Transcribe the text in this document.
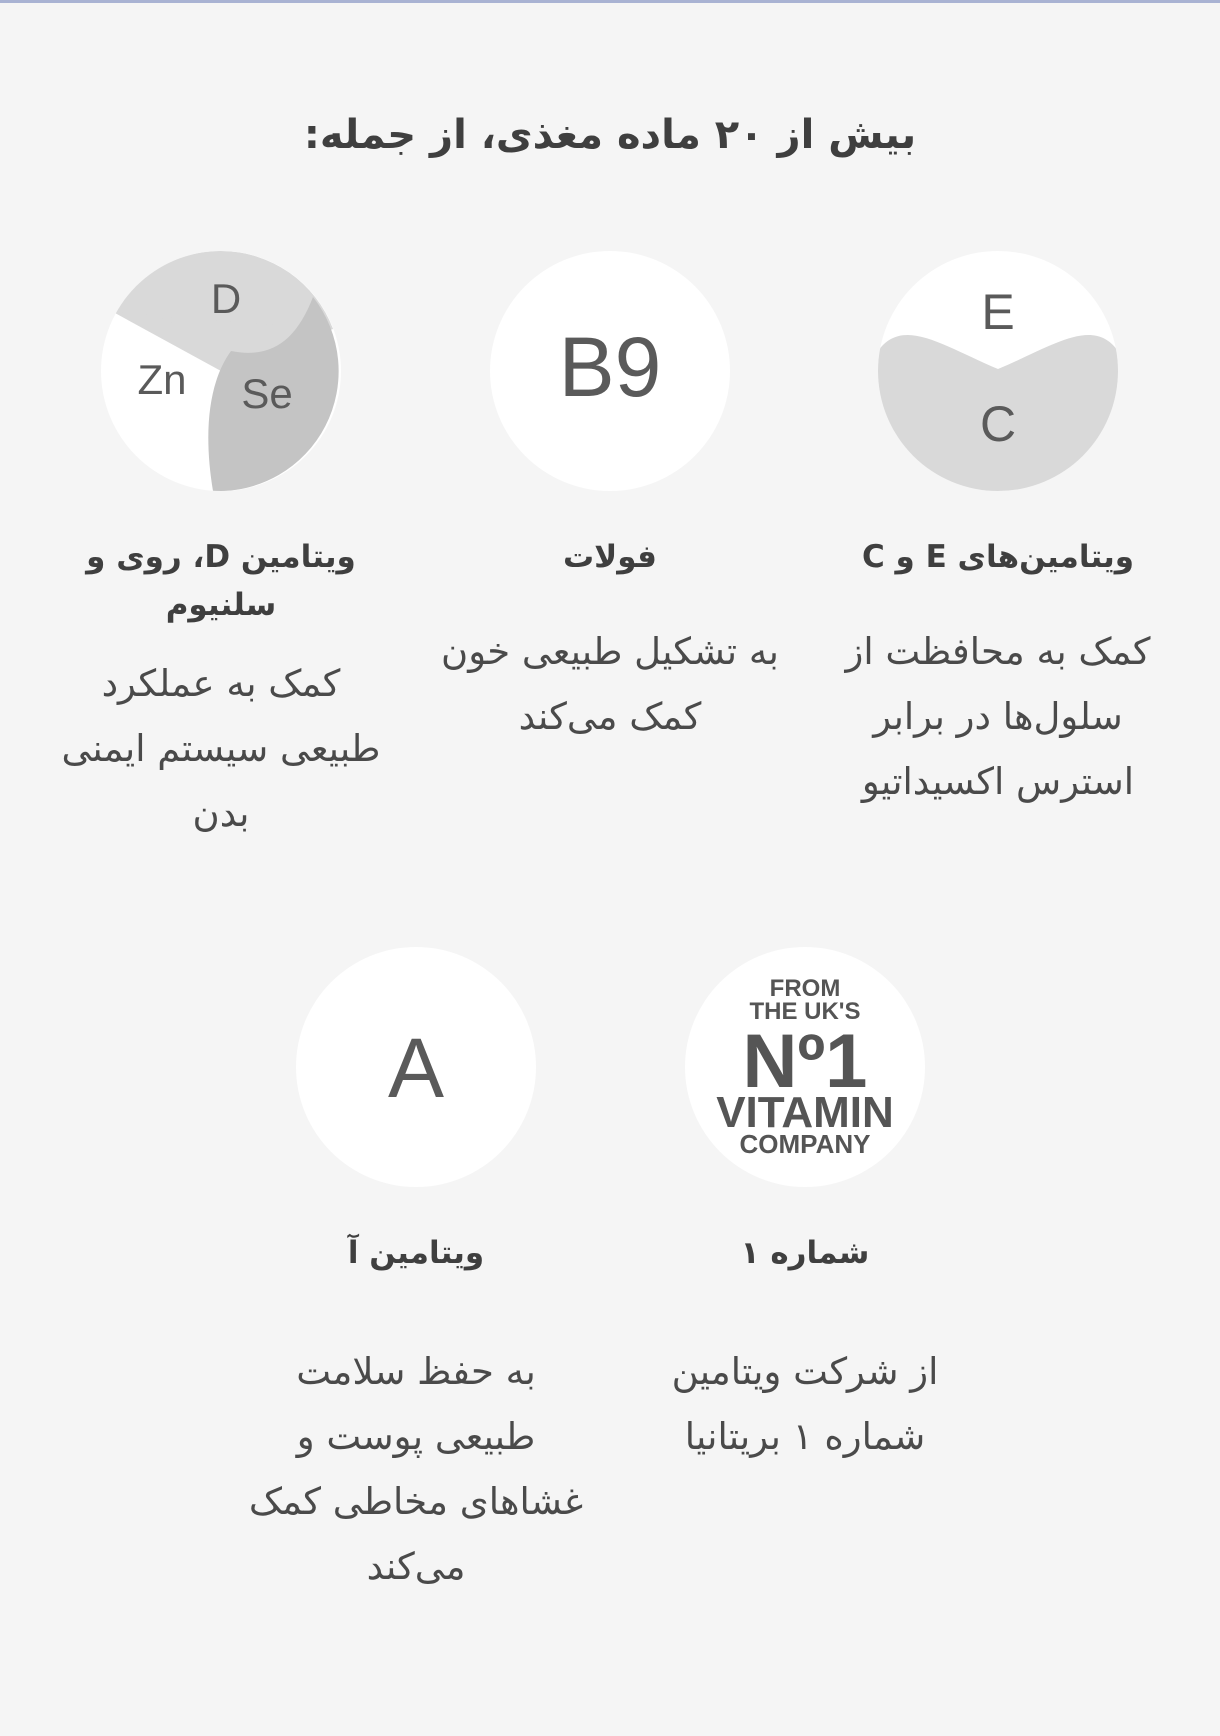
بیش از ۲۰ ماده مغذی، از جمله:
E
C
ویتامین‌های E و C
کمک به محافظت از سلول‌ها در برابر استرس اکسیداتیو
B9
فولات
به تشکیل طبیعی خون کمک می‌کند
D
Zn Se
ویتامین D، روی و سلنیوم
کمک به عملکرد طبیعی سیستم ایمنی بدن
FROM
THE UK'S
Nº1
VITAMIN
COMPANY
شماره ۱
از شرکت ویتامین شماره ۱ بریتانیا
A
ویتامین آ
به حفظ سلامت طبیعی پوست و غشاهای مخاطی کمک می‌کند
